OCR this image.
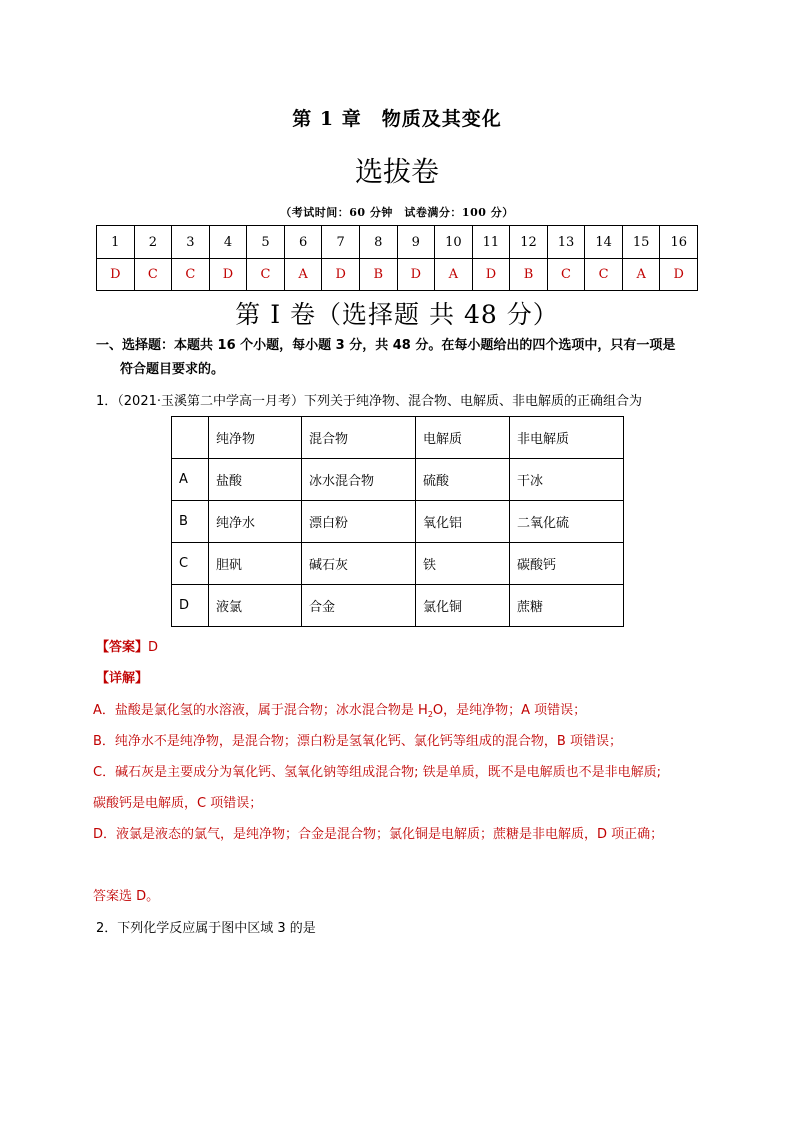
第 1 章　物质及其变化
选拔卷
（考试时间：60 分钟　试卷满分：100 分）
1	2	3	4	5	6	7	8	9	10	11	12	13	14	15	16
D	C	C	D	C	A	D	B	D	A	D	B	C	C	A	D
第 I 卷（选择题 共 48 分）
一、选择题：本题共 16 个小题，每小题 3 分，共 48 分。在每小题给出的四个选项中，只有一项是
符合题目要求的。
1．（2021·玉溪第二中学高一月考）下列关于纯净物、混合物、电解质、非电解质的正确组合为
	纯净物	混合物	电解质	非电解质
A	盐酸	冰水混合物	硫酸	干冰
B	纯净水	漂白粉	氧化铝	二氧化硫
C	胆矾	碱石灰	铁	碳酸钙
D	液氯	合金	氯化铜	蔗糖
【答案】D
【详解】
A．盐酸是氯化氢的水溶液，属于混合物；冰水混合物是 $H_2O$，是纯净物；A 项错误；
B．纯净水不是纯净物，是混合物；漂白粉是氢氧化钙、氯化钙等组成的混合物，B 项错误；
C．碱石灰是主要成分为氧化钙、氢氧化钠等组成混合物; 铁是单质，既不是电解质也不是非电解质;
碳酸钙是电解质，C 项错误；
D．液氯是液态的氯气，是纯净物；合金是混合物；氯化铜是电解质；蔗糖是非电解质，D 项正确；
答案选 D。
2．下列化学反应属于图中区域 3 的是
